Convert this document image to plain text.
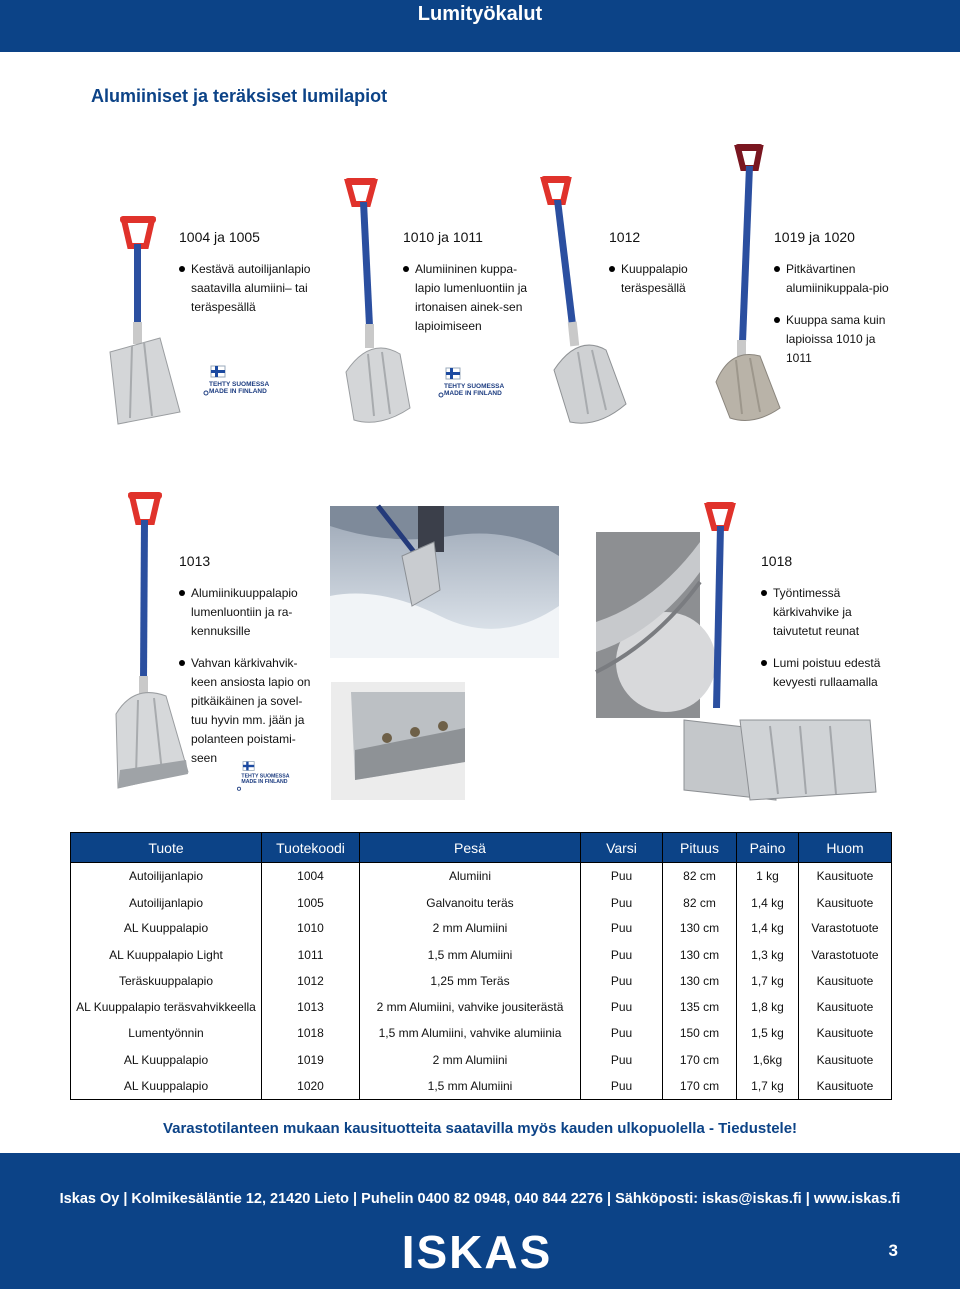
Lumityökalut
Alumiiniset ja teräksiset lumilapiot
TEHTY SUOMESSA
MADE IN FINLAND
1004 ja 1005
Kestävä autoilijanlapio saatavilla alumiini– tai teräspesällä
TEHTY SUOMESSA
MADE IN FINLAND
1010 ja 1011
Alumiininen kuppa-lapio lumenluontiin ja irtonaisen ainek-sen lapioimiseen
1012
Kuuppalapio teräspesällä
1019 ja 1020
Pitkävartinen alumiinikuppala-pio
Kuuppa sama kuin lapioissa 1010 ja 1011
TEHTY SUOMESSA
MADE IN FINLAND
1013
Alumiinikuuppalapio lumenluontiin ja ra-kennuksille
Vahvan kärkivahvik-keen ansiosta lapio on pitkäikäinen ja sovel-tuu hyvin mm. jään ja polanteen poistami-seen
1018
Työntimessä kärkivahvike ja taivutetut reunat
Lumi poistuu edestä kevyesti rullaamalla
Tuote	Tuotekoodi	Pesä	Varsi	Pituus	Paino	Huom
Autoilijanlapio	1004	Alumiini	Puu	82 cm	1 kg	Kausituote
Autoilijanlapio	1005	Galvanoitu teräs	Puu	82 cm	1,4 kg	Kausituote
AL Kuuppalapio	1010	2 mm Alumiini	Puu	130 cm	1,4 kg	Varastotuote
AL Kuuppalapio Light	1011	1,5 mm Alumiini	Puu	130 cm	1,3 kg	Varastotuote
Teräskuuppalapio	1012	1,25 mm Teräs	Puu	130 cm	1,7 kg	Kausituote
AL Kuuppalapio teräsvahvikkeella	1013	2 mm Alumiini, vahvike jousiterästä	Puu	135 cm	1,8 kg	Kausituote
Lumentyönnin	1018	1,5 mm Alumiini, vahvike alumiinia	Puu	150 cm	1,5 kg	Kausituote
AL Kuuppalapio	1019	2 mm Alumiini	Puu	170 cm	1,6kg	Kausituote
AL Kuuppalapio	1020	1,5 mm Alumiini	Puu	170 cm	1,7 kg	Kausituote
Varastotilanteen mukaan kausituotteita saatavilla myös kauden ulkopuolella - Tiedustele!
Iskas Oy | Kolmikesäläntie 12, 21420 Lieto | Puhelin 0400 82 0948, 040 844 2276 | Sähköposti: iskas@iskas.fi | www.iskas.fi
ISKAS	3
